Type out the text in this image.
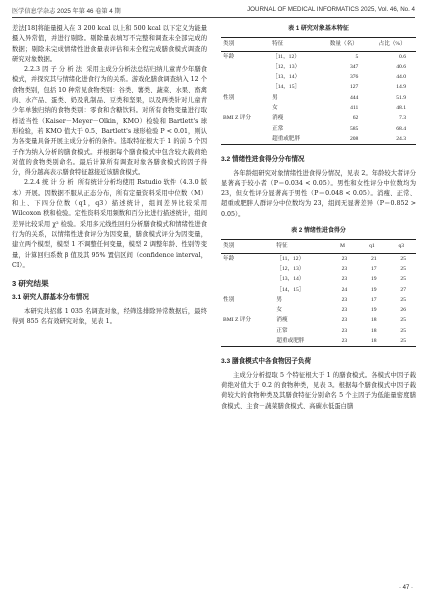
医学信息学杂志 2025 年第 46 卷第 4 期	JOURNAL OF MEDICAL INFORMATICS 2025, Vol. 46, No. 4

差法[18]将能量摄入在 3 200 kcal 以上和 500 kcal 以下定义为能量摄入异常值，并进行剔除。剔除量表填写不完整和调查未全部完成的数据；剔除未完成情绪性进食量表评估和未全程完成膳食模式调查的研究对象数据。

2.2.3 因 子 分 析 法 采用主成分分析法总结归纳儿童青少年膳食模式，并探究其与情绪化进食行为的关系。游戏化膳食调查纳入 12 个食物类别，包括 10 种常见食物类别：谷类、薯类、蔬菜、水果、畜禽肉、水产品、蛋类、奶及乳制品、豆类和坚果，以及两类针对儿童青少年单独归纳的食物类别：零食和含糖饮料。对所有食物变量进行取样适当性（Kaiser－Meyer－Olkin，KMO）检验和 Bartlett's 球形检验，若 KMO 值大于 0.5、Bartlett's 球形检验 P < 0.01，则认为各变量具备开展主成分分析的条件。选取特征根大于 1 的前 5 个因子作为纳入分析的膳食模式。并根据每个膳食模式中包含较大载荷绝对值的食物类别命名。最后计算所有调查对象各膳食模式的因子得分，得分越高表示膳食特征越接近该膳食模式。

2.2.4 统 计 分 析 所有统计分析均使用 Rstudio 软件（4.3.0 版本）开展。因数据不服从正态分布，所有定量资料采用中位数（M）和上、下四分位数（q1，q3）描述统计，组间差异比较采用 Wilcoxon 秩和检验。定性资料采用频数和百分比进行描述统计，组间差异比较采用 χ² 检验。采用多元线性回归分析膳食模式和情绪性进食行为的关系，以情绪性进食评分为因变量，膳食模式评分为因变量，建立两个模型，模型 1 不调整任何变量，模型 2 调整年龄、性别等变量，计算回归系数 β 值及其 95% 置信区间（confidence interval，CI）。

3 研究结果
3.1 研究人群基本分布情况

本研究共招募 1 035 名调查对象，经筛选排除异常数据后，最终得到 855 名有效研究对象，见表 1。

表 1 研究对象基本特征
类别	特征	数量（名）	占比（%）
年龄	［11，12）	5	0.6
	［12，13）	347	40.6
	［13，14）	376	44.0
	［14，15］	127	14.9
性别	男	444	51.9
	女	411	48.1
BMI Z 评分	消瘦	62	7.3
	正常	585	68.4
	超重或肥胖	208	24.3
3.2 情绪性进食得分分布情况

各年龄组研究对象情绪性进食得分情况，见表 2。年龄较大者评分显著高于较小者（P＝0.034 < 0.05）。男性和女性评分中位数均为 23，但女性评分显著高于男性（P＝0.048 < 0.05）。消瘦、正常、超重或肥胖人群评分中位数均为 23，组间无显著差异（P＝0.852 > 0.05）。

表 2 情绪性进食得分
类别	特征	M	q1	q3
年龄	［11，12）	23	21	25
	［12，13）	23	17	25
	［13，14）	23	19	25
	［14，15］	24	19	27
性别	男	23	17	25
	女	23	19	26
BMI Z 评分	消瘦	23	18	25
	正常	23	18	25
	超重或肥胖	23	18	25
3.3 膳食模式中各食物因子负荷

主成分分析提取 5 个特征根大于 1 的膳食模式。各模式中因子载荷绝对值大于 0.2 的食物种类，见表 3。根据每个膳食模式中因子载荷较大的食物种类及其膳食特征分别命名 5 个主因子为低能量密度膳食模式、主食－蔬菜膳食模式、高碳水低蛋白膳

· 47 ·
